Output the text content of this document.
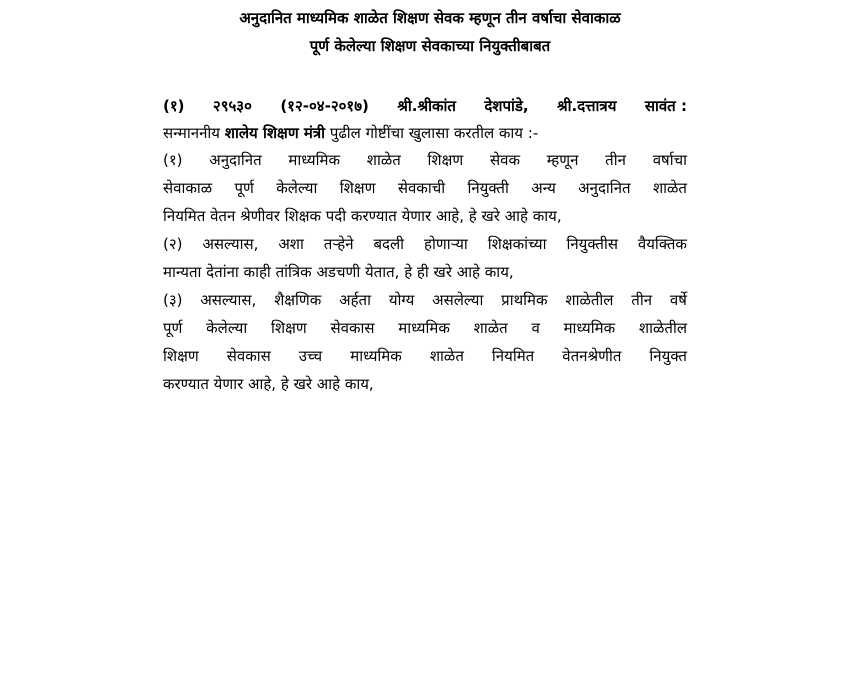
अनुदानित माध्यमिक शाळेत शिक्षण सेवक म्हणून तीन वर्षाचा सेवाकाळ
पूर्ण केलेल्या शिक्षण सेवकाच्या नियुक्तीबाबत
(१) २९५३० (१२-०४-२०१७) श्री.श्रीकांत देशपांडे, श्री.दत्तात्रय सावंत :
सन्माननीय शालेय शिक्षण मंत्री पुढील गोष्टींचा खुलासा करतील काय :-
(१) अनुदानित माध्यमिक शाळेत शिक्षण सेवक म्हणून तीन वर्षाचा
सेवाकाळ पूर्ण केलेल्या शिक्षण सेवकाची नियुक्ती अन्य अनुदानित शाळेत
नियमित वेतन श्रेणीवर शिक्षक पदी करण्यात येणार आहे, हे खरे आहे काय,
(२) असल्यास, अशा तऱ्हेने बदली होणाऱ्या शिक्षकांच्या नियुक्तीस वैयक्तिक
मान्यता देतांना काही तांत्रिक अडचणी येतात, हे ही खरे आहे काय,
(३) असल्यास, शैक्षणिक अर्हता योग्य असलेल्या प्राथमिक शाळेतील तीन वर्षे
पूर्ण केलेल्या शिक्षण सेवकास माध्यमिक शाळेत व माध्यमिक शाळेतील
शिक्षण सेवकास उच्च माध्यमिक शाळेत नियमित वेतनश्रेणीत नियुक्त
करण्यात येणार आहे, हे खरे आहे काय,
